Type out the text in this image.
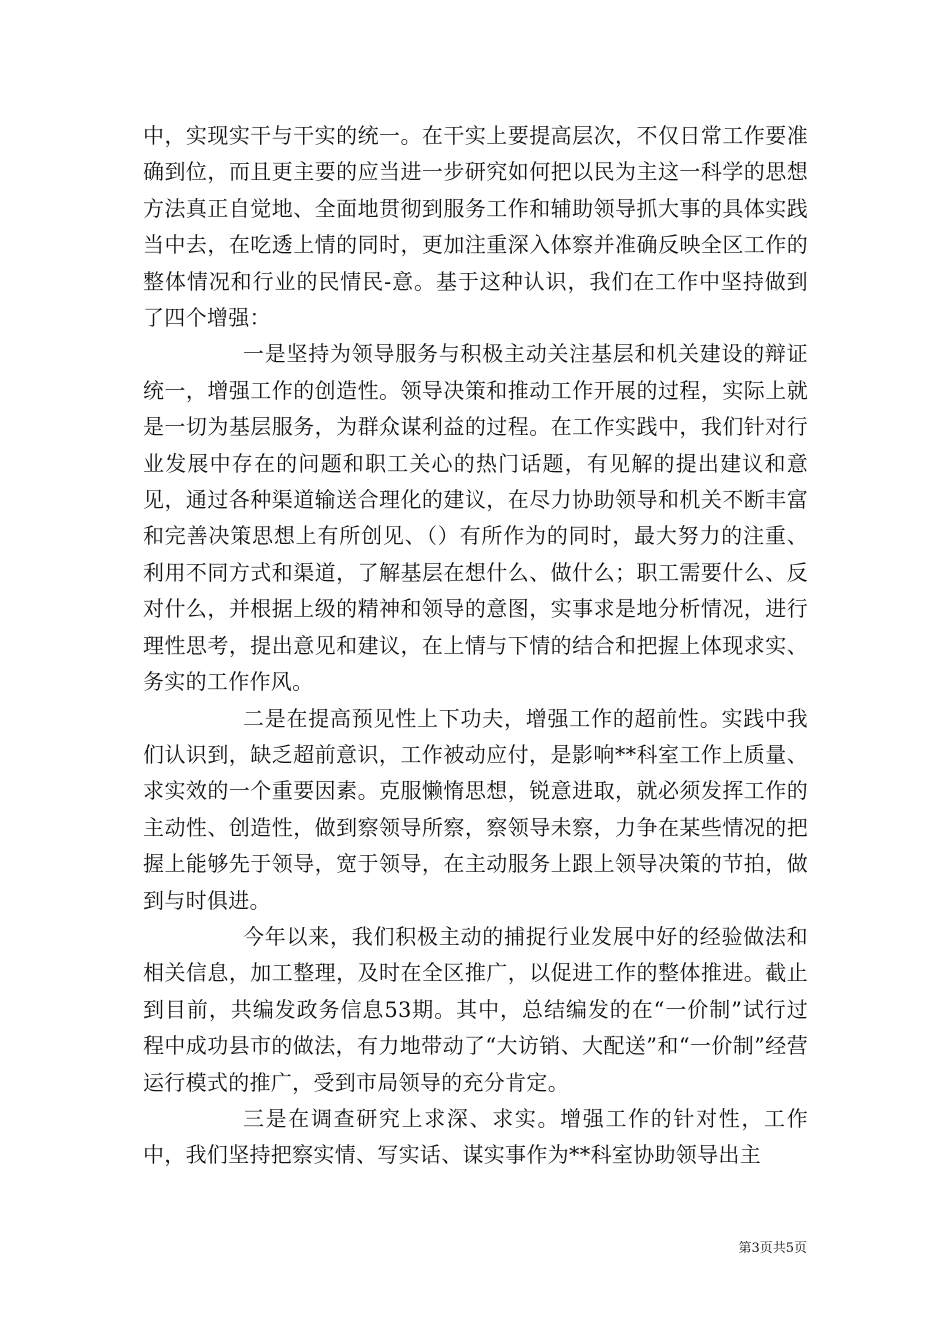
中，实现实干与干实的统一。在干实上要提高层次，不仅日常工作要准确到位，而且更主要的应当进一步研究如何把以民为主这一科学的思想方法真正自觉地、全面地贯彻到服务工作和辅助领导抓大事的具体实践当中去，在吃透上情的同时，更加注重深入体察并准确反映全区工作的整体情况和行业的民情民-意。基于这种认识，我们在工作中坚持做到了四个增强：

一是坚持为领导服务与积极主动关注基层和机关建设的辩证统一，增强工作的创造性。领导决策和推动工作开展的过程，实际上就是一切为基层服务，为群众谋利益的过程。在工作实践中，我们针对行业发展中存在的问题和职工关心的热门话题，有见解的提出建议和意见，通过各种渠道输送合理化的建议，在尽力协助领导和机关不断丰富和完善决策思想上有所创见、（）有所作为的同时，最大努力的注重、利用不同方式和渠道，了解基层在想什么、做什么；职工需要什么、反对什么，并根据上级的精神和领导的意图，实事求是地分析情况，进行理性思考，提出意见和建议，在上情与下情的结合和把握上体现求实、务实的工作作风。

二是在提高预见性上下功夫，增强工作的超前性。实践中我们认识到，缺乏超前意识，工作被动应付，是影响**科室工作上质量、求实效的一个重要因素。克服懒惰思想，锐意进取，就必须发挥工作的主动性、创造性，做到察领导所察，察领导未察，力争在某些情况的把握上能够先于领导，宽于领导，在主动服务上跟上领导决策的节拍，做到与时俱进。

今年以来，我们积极主动的捕捉行业发展中好的经验做法和相关信息，加工整理，及时在全区推广，以促进工作的整体推进。截止到目前，共编发政务信息53期。其中，总结编发的在“一价制”试行过程中成功县市的做法，有力地带动了“大访销、大配送”和“一价制”经营运行模式的推广，受到市局领导的充分肯定。

三是在调查研究上求深、求实。增强工作的针对性，工作中，我们坚持把察实情、写实话、谋实事作为**科室协助领导出主

第3页共5页
